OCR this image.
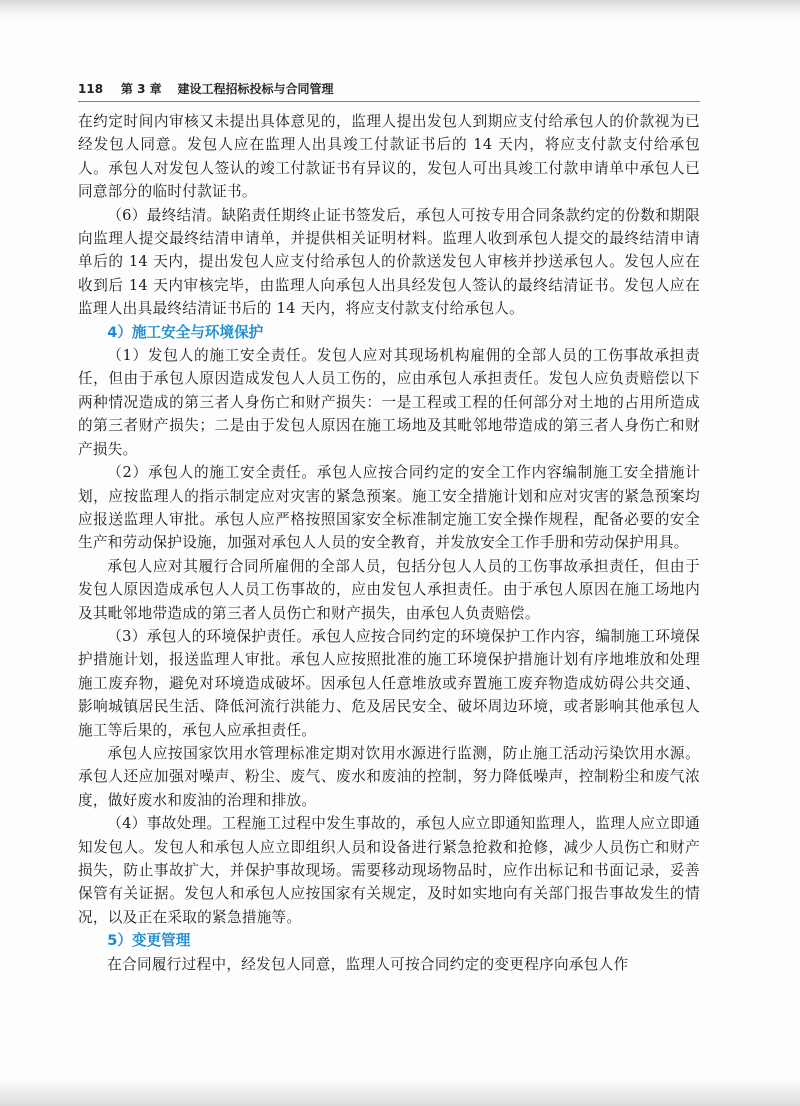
118 第 3 章 建设工程招标投标与合同管理

在约定时间内审核又未提出具体意见的，监理人提出发包人到期应支付给承包人的价款视为已经发包人同意。发包人应在监理人出具竣工付款证书后的 14 天内，将应支付款支付给承包人。承包人对发包人签认的竣工付款证书有异议的，发包人可出具竣工付款申请单中承包人已同意部分的临时付款证书。

（6）最终结清。缺陷责任期终止证书签发后，承包人可按专用合同条款约定的份数和期限向监理人提交最终结清申请单，并提供相关证明材料。监理人收到承包人提交的最终结清申请单后的 14 天内，提出发包人应支付给承包人的价款送发包人审核并抄送承包人。发包人应在收到后 14 天内审核完毕，由监理人向承包人出具经发包人签认的最终结清证书。发包人应在监理人出具最终结清证书后的 14 天内，将应支付款支付给承包人。

4）施工安全与环境保护

（1）发包人的施工安全责任。发包人应对其现场机构雇佣的全部人员的工伤事故承担责任，但由于承包人原因造成发包人人员工伤的，应由承包人承担责任。发包人应负责赔偿以下两种情况造成的第三者人身伤亡和财产损失：一是工程或工程的任何部分对土地的占用所造成的第三者财产损失；二是由于发包人原因在施工场地及其毗邻地带造成的第三者人身伤亡和财产损失。

（2）承包人的施工安全责任。承包人应按合同约定的安全工作内容编制施工安全措施计划，应按监理人的指示制定应对灾害的紧急预案。施工安全措施计划和应对灾害的紧急预案均应报送监理人审批。承包人应严格按照国家安全标准制定施工安全操作规程，配备必要的安全生产和劳动保护设施，加强对承包人人员的安全教育，并发放安全工作手册和劳动保护用具。

承包人应对其履行合同所雇佣的全部人员，包括分包人人员的工伤事故承担责任，但由于发包人原因造成承包人人员工伤事故的，应由发包人承担责任。由于承包人原因在施工场地内及其毗邻地带造成的第三者人员伤亡和财产损失，由承包人负责赔偿。

（3）承包人的环境保护责任。承包人应按合同约定的环境保护工作内容，编制施工环境保护措施计划，报送监理人审批。承包人应按照批准的施工环境保护措施计划有序地堆放和处理施工废弃物，避免对环境造成破坏。因承包人任意堆放或弃置施工废弃物造成妨碍公共交通、影响城镇居民生活、降低河流行洪能力、危及居民安全、破坏周边环境，或者影响其他承包人施工等后果的，承包人应承担责任。

承包人应按国家饮用水管理标准定期对饮用水源进行监测，防止施工活动污染饮用水源。承包人还应加强对噪声、粉尘、废气、废水和废油的控制，努力降低噪声，控制粉尘和废气浓度，做好废水和废油的治理和排放。

（4）事故处理。工程施工过程中发生事故的，承包人应立即通知监理人，监理人应立即通知发包人。发包人和承包人应立即组织人员和设备进行紧急抢救和抢修，减少人员伤亡和财产损失，防止事故扩大，并保护事故现场。需要移动现场物品时，应作出标记和书面记录，妥善保管有关证据。发包人和承包人应按国家有关规定，及时如实地向有关部门报告事故发生的情况，以及正在采取的紧急措施等。

5）变更管理

在合同履行过程中，经发包人同意，监理人可按合同约定的变更程序向承包人作
